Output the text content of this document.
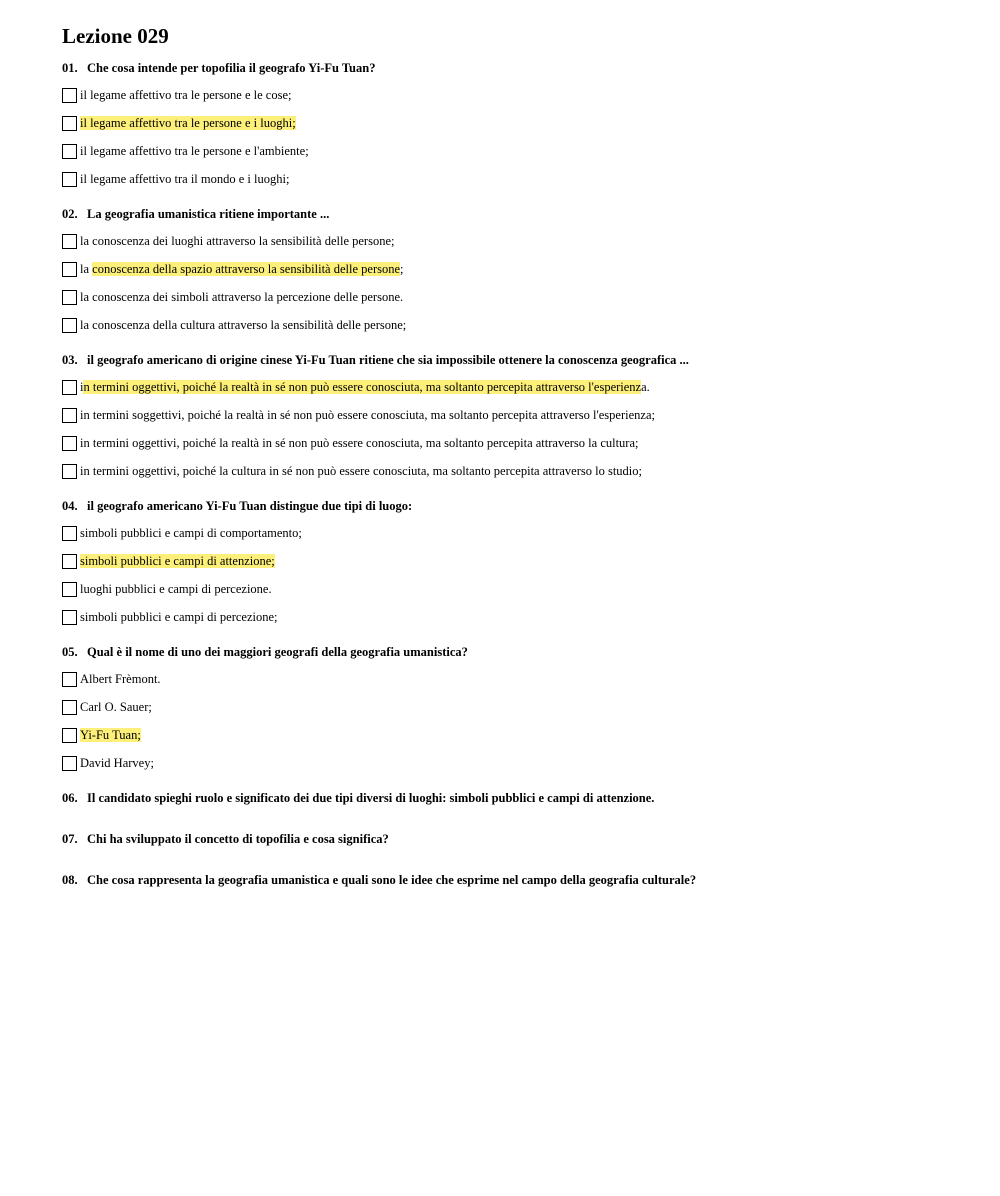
Lezione 029

01. Che cosa intende per topofilia il geografo Yi-Fu Tuan?

il legame affettivo tra le persone e le cose;
il legame affettivo tra le persone e i luoghi;
il legame affettivo tra le persone e l'ambiente;
il legame affettivo tra il mondo e i luoghi;

02. La geografia umanistica ritiene importante ...

la conoscenza dei luoghi attraverso la sensibilità delle persone;
la conoscenza della spazio attraverso la sensibilità delle persone;
la conoscenza dei simboli attraverso la percezione delle persone.
la conoscenza della cultura attraverso la sensibilità delle persone;

03. il geografo americano di origine cinese Yi-Fu Tuan ritiene che sia impossibile ottenere la conoscenza geografica ...

in termini oggettivi, poiché la realtà in sé non può essere conosciuta, ma soltanto percepita attraverso l'esperienza.
in termini soggettivi, poiché la realtà in sé non può essere conosciuta, ma soltanto percepita attraverso l'esperienza;
in termini oggettivi, poiché la realtà in sé non può essere conosciuta, ma soltanto percepita attraverso la cultura;
in termini oggettivi, poiché la cultura in sé non può essere conosciuta, ma soltanto percepita attraverso lo studio;

04. il geografo americano Yi-Fu Tuan distingue due tipi di luogo:

simboli pubblici e campi di comportamento;
simboli pubblici e campi di attenzione;
luoghi pubblici e campi di percezione.
simboli pubblici e campi di percezione;

05. Qual è il nome di uno dei maggiori geografi della geografia umanistica?

Albert Frèmont.
Carl O. Sauer;
Yi-Fu Tuan;
David Harvey;

06. Il candidato spieghi ruolo e significato dei due tipi diversi di luoghi: simboli pubblici e campi di attenzione.

07. Chi ha sviluppato il concetto di topofilia e cosa significa?

08. Che cosa rappresenta la geografia umanistica e quali sono le idee che esprime nel campo della geografia culturale?
